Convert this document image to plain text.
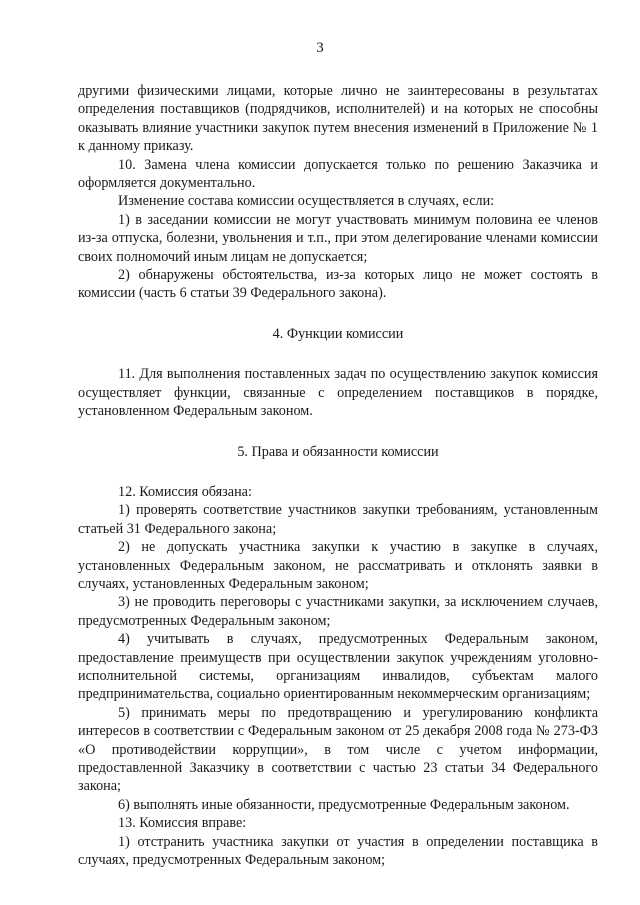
3

другими физическими лицами, которые лично не заинтересованы в результатах определения поставщиков (подрядчиков, исполнителей) и на которых не способны оказывать влияние участники закупок путем внесения изменений в Приложение № 1 к данному приказу.

10. Замена члена комиссии допускается только по решению Заказчика и оформляется документально.

Изменение состава комиссии осуществляется в случаях, если:

1) в заседании комиссии не могут участвовать минимум половина ее членов из-за отпуска, болезни, увольнения и т.п., при этом делегирование членами комиссии своих полномочий иным лицам не допускается;

2) обнаружены обстоятельства, из-за которых лицо не может состоять в комиссии (часть 6 статьи 39 Федерального закона).

4. Функции комиссии

11. Для выполнения поставленных задач по осуществлению закупок комиссия осуществляет функции, связанные с определением поставщиков в порядке, установленном Федеральным законом.

5. Права и обязанности комиссии

12. Комиссия обязана:

1) проверять соответствие участников закупки требованиям, установленным статьей 31 Федерального закона;

2) не допускать участника закупки к участию в закупке в случаях, установленных Федеральным законом, не рассматривать и отклонять заявки в случаях, установленных Федеральным законом;

3) не проводить переговоры с участниками закупки, за исключением случаев, предусмотренных Федеральным законом;

4) учитывать в случаях, предусмотренных Федеральным законом, предоставление преимуществ при осуществлении закупок учреждениям уголовно-исполнительной системы, организациям инвалидов, субъектам малого предпринимательства, социально ориентированным некоммерческим организациям;

5) принимать меры по предотвращению и урегулированию конфликта интересов в соответствии с Федеральным законом от 25 декабря 2008 года № 273-ФЗ «О противодействии коррупции», в том числе с учетом информации, предоставленной Заказчику в соответствии с частью 23 статьи 34 Федерального закона;

6) выполнять иные обязанности, предусмотренные Федеральным законом.

13. Комиссия вправе:

1) отстранить участника закупки от участия в определении поставщика в случаях, предусмотренных Федеральным законом;
